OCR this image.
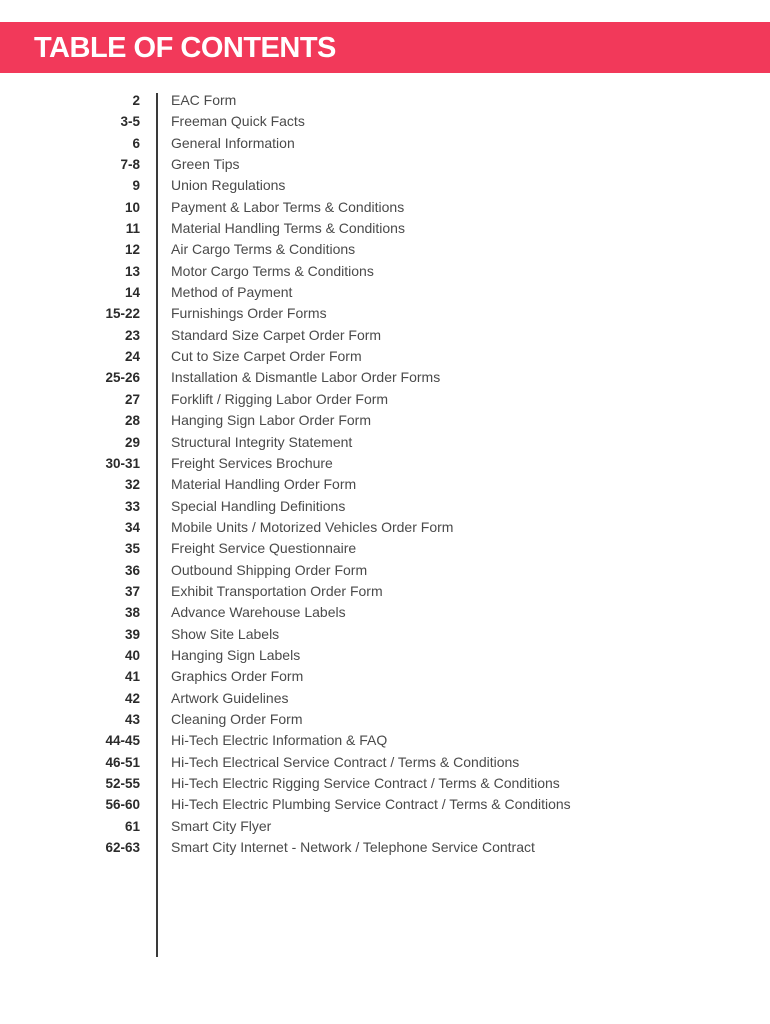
TABLE OF CONTENTS
2 EAC Form
3-5 Freeman Quick Facts
6 General Information
7-8 Green Tips
9 Union Regulations
10 Payment & Labor Terms & Conditions
11 Material Handling Terms & Conditions
12 Air Cargo Terms & Conditions
13 Motor Cargo Terms & Conditions
14 Method of Payment
15-22 Furnishings Order Forms
23 Standard Size Carpet Order Form
24 Cut to Size Carpet Order Form
25-26 Installation & Dismantle Labor Order Forms
27 Forklift / Rigging Labor Order Form
28 Hanging Sign Labor Order Form
29 Structural Integrity Statement
30-31 Freight Services Brochure
32 Material Handling Order Form
33 Special Handling Definitions
34 Mobile Units / Motorized Vehicles Order Form
35 Freight Service Questionnaire
36 Outbound Shipping Order Form
37 Exhibit Transportation Order Form
38 Advance Warehouse Labels
39 Show Site Labels
40 Hanging Sign Labels
41 Graphics Order Form
42 Artwork Guidelines
43 Cleaning Order Form
44-45 Hi-Tech Electric Information & FAQ
46-51 Hi-Tech Electrical Service Contract / Terms & Conditions
52-55 Hi-Tech Electric Rigging Service Contract / Terms & Conditions
56-60 Hi-Tech Electric Plumbing Service Contract / Terms & Conditions
61 Smart City Flyer
62-63 Smart City Internet - Network / Telephone Service Contract
